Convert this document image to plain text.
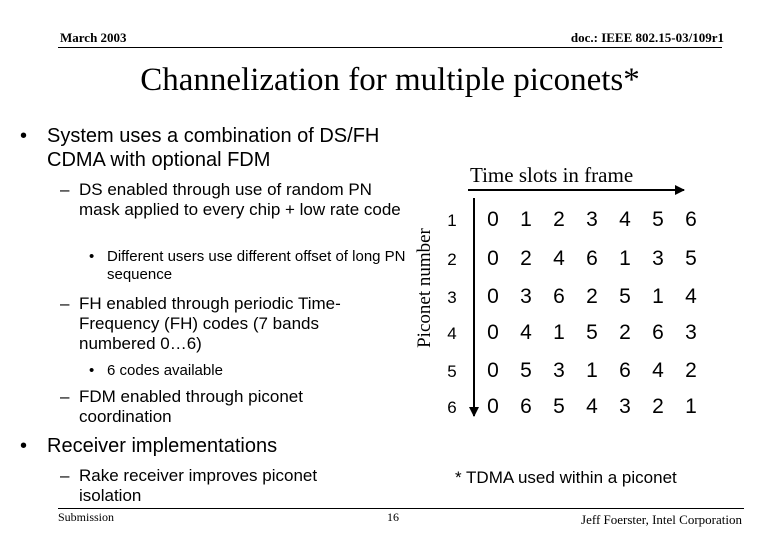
March 2003	doc.: IEEE 802.15-03/109r1
Channelization for multiple piconets*
• System uses a combination of DS/FH CDMA with optional FDM
– DS enabled through use of random PN mask applied to every chip + low rate code
• Different users use different offset of long PN sequence
– FH enabled through periodic Time-Frequency (FH) codes (7 bands numbered 0…6)
• 6 codes available
– FDM enabled through piconet coordination
• Receiver implementations
– Rake receiver improves piconet isolation
Time slots in frame
Piconet number
1	0	1	2	3	4	5	6
2	0	2	4	6	1	3	5
3	0	3	6	2	5	1	4
4	0	4	1	5	2	6	3
5	0	5	3	1	6	4	2
6	0	6	5	4	3	2	1
* TDMA used within a piconet
Submission	16	Jeff Foerster, Intel Corporation
